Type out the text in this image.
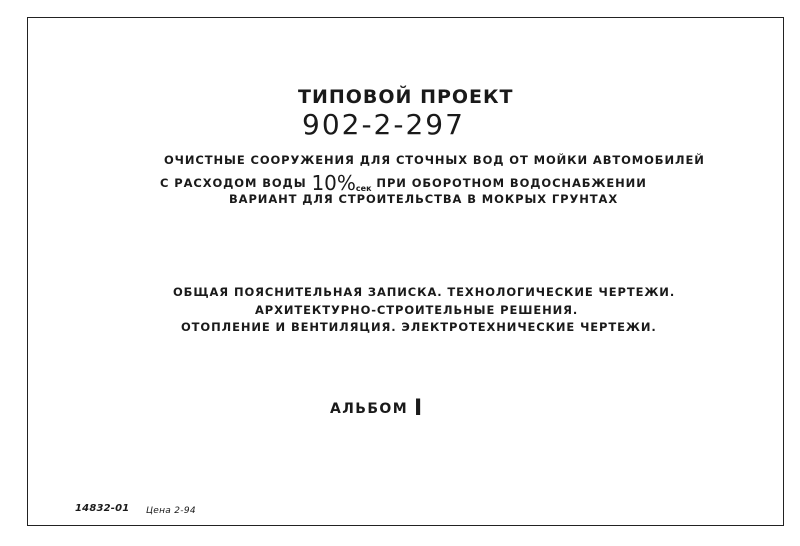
ТИПОВОЙ ПРОЕКТ
902-2-297
ОЧИСТНЫЕ СООРУЖЕНИЯ ДЛЯ СТОЧНЫХ ВОД ОТ МОЙКИ АВТОМОБИЛЕЙ
С РАСХОДОМ ВОДЫ $10\%_{сек}$ ПРИ ОБОРОТНОМ ВОДОСНАБЖЕНИИ
ВАРИАНТ ДЛЯ СТРОИТЕЛЬСТВА В МОКРЫХ ГРУНТАХ
ОБЩАЯ ПОЯСНИТЕЛЬНАЯ ЗАПИСКА. ТЕХНОЛОГИЧЕСКИЕ ЧЕРТЕЖИ.
АРХИТЕКТУРНО-СТРОИТЕЛЬНЫЕ РЕШЕНИЯ.
ОТОПЛЕНИЕ И ВЕНТИЛЯЦИЯ. ЭЛЕКТРОТЕХНИЧЕСКИЕ ЧЕРТЕЖИ.
АЛЬБОМ I
14832-01 Цена 2-94
